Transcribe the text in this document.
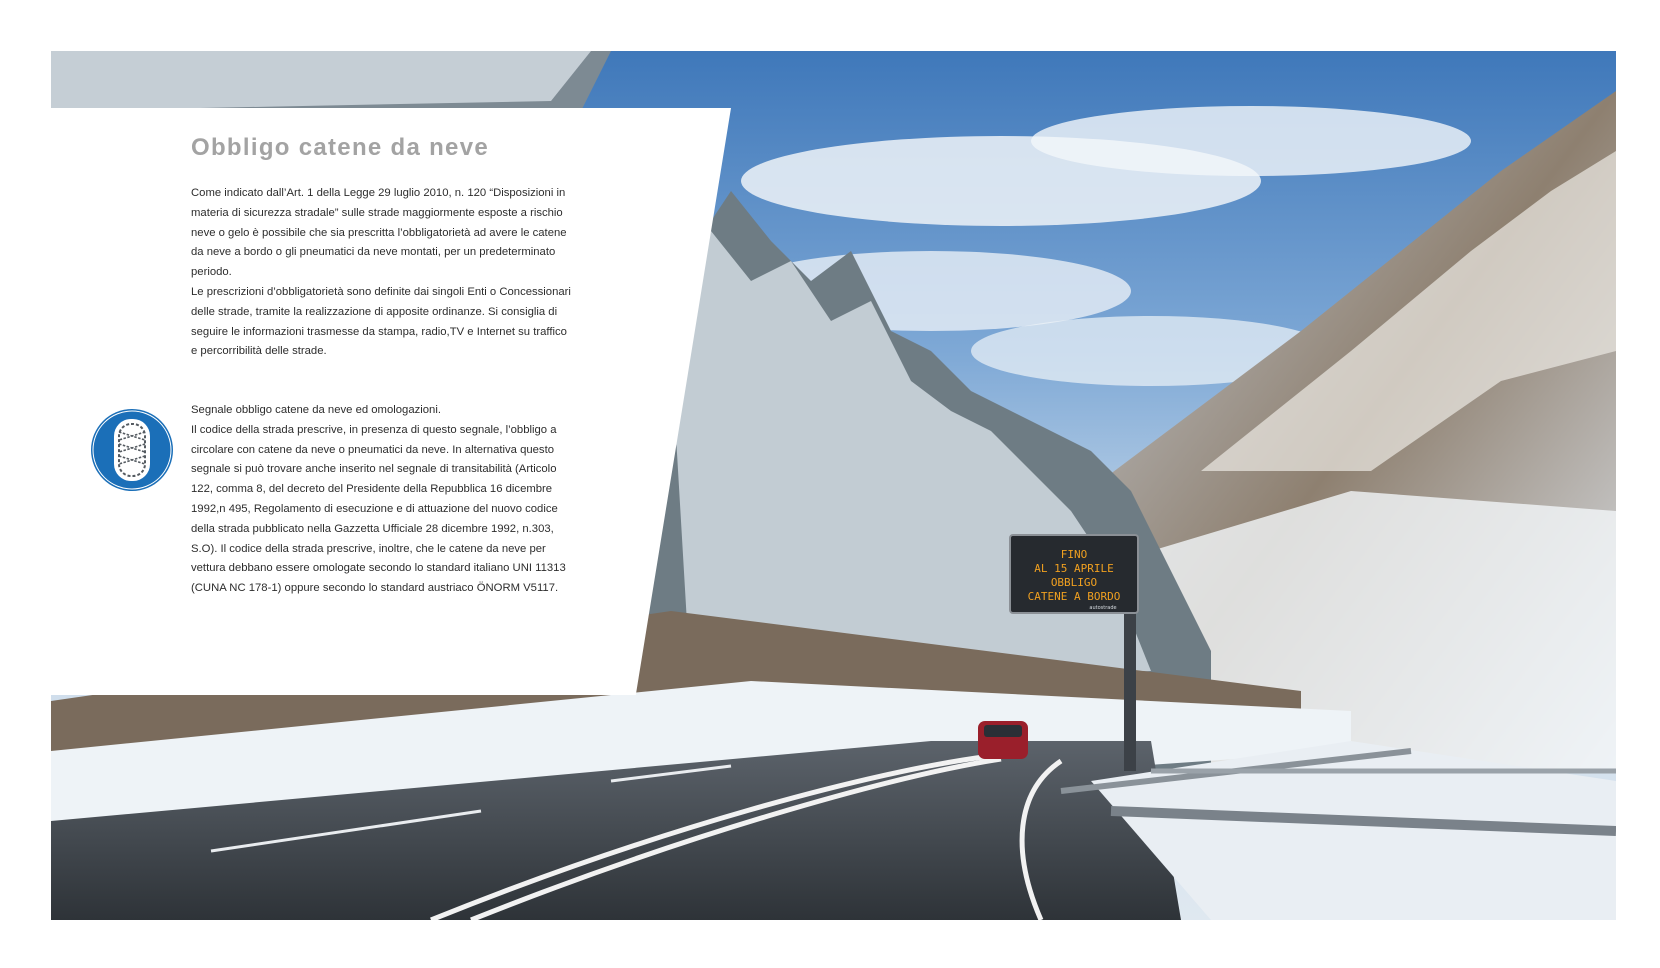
FINO
AL 15 APRILE
OBBLIGO
CATENE A BORDO
autostrade
Obbligo catene da neve

Come indicato dall’Art. 1 della Legge 29 luglio 2010, n. 120 “Disposizioni in
materia di sicurezza stradale” sulle strade maggiormente esposte a rischio
neve o gelo è possibile che sia prescritta l’obbligatorietà ad avere le catene
da neve a bordo o gli pneumatici da neve montati, per un predeterminato
periodo.
Le prescrizioni d’obbligatorietà sono definite dai singoli Enti o Concessionari
delle strade, tramite la realizzazione di apposite ordinanze. Si consiglia di
seguire le informazioni trasmesse da stampa, radio,TV e Internet su traffico
e percorribilità delle strade.

Segnale obbligo catene da neve ed omologazioni.
Il codice della strada prescrive, in presenza di questo segnale, l’obbligo a
circolare con catene da neve o pneumatici da neve. In alternativa questo
segnale si può trovare anche inserito nel segnale di transitabilità (Articolo
122, comma 8, del decreto del Presidente della Repubblica 16 dicembre
1992,n 495, Regolamento di esecuzione e di attuazione del nuovo codice
della strada pubblicato nella Gazzetta Ufficiale 28 dicembre 1992, n.303,
S.O). Il codice della strada prescrive, inoltre, che le catene da neve per
vettura debbano essere omologate secondo lo standard italiano UNI 11313
(CUNA NC 178-1) oppure secondo lo standard austriaco ÖNORM V5117.
